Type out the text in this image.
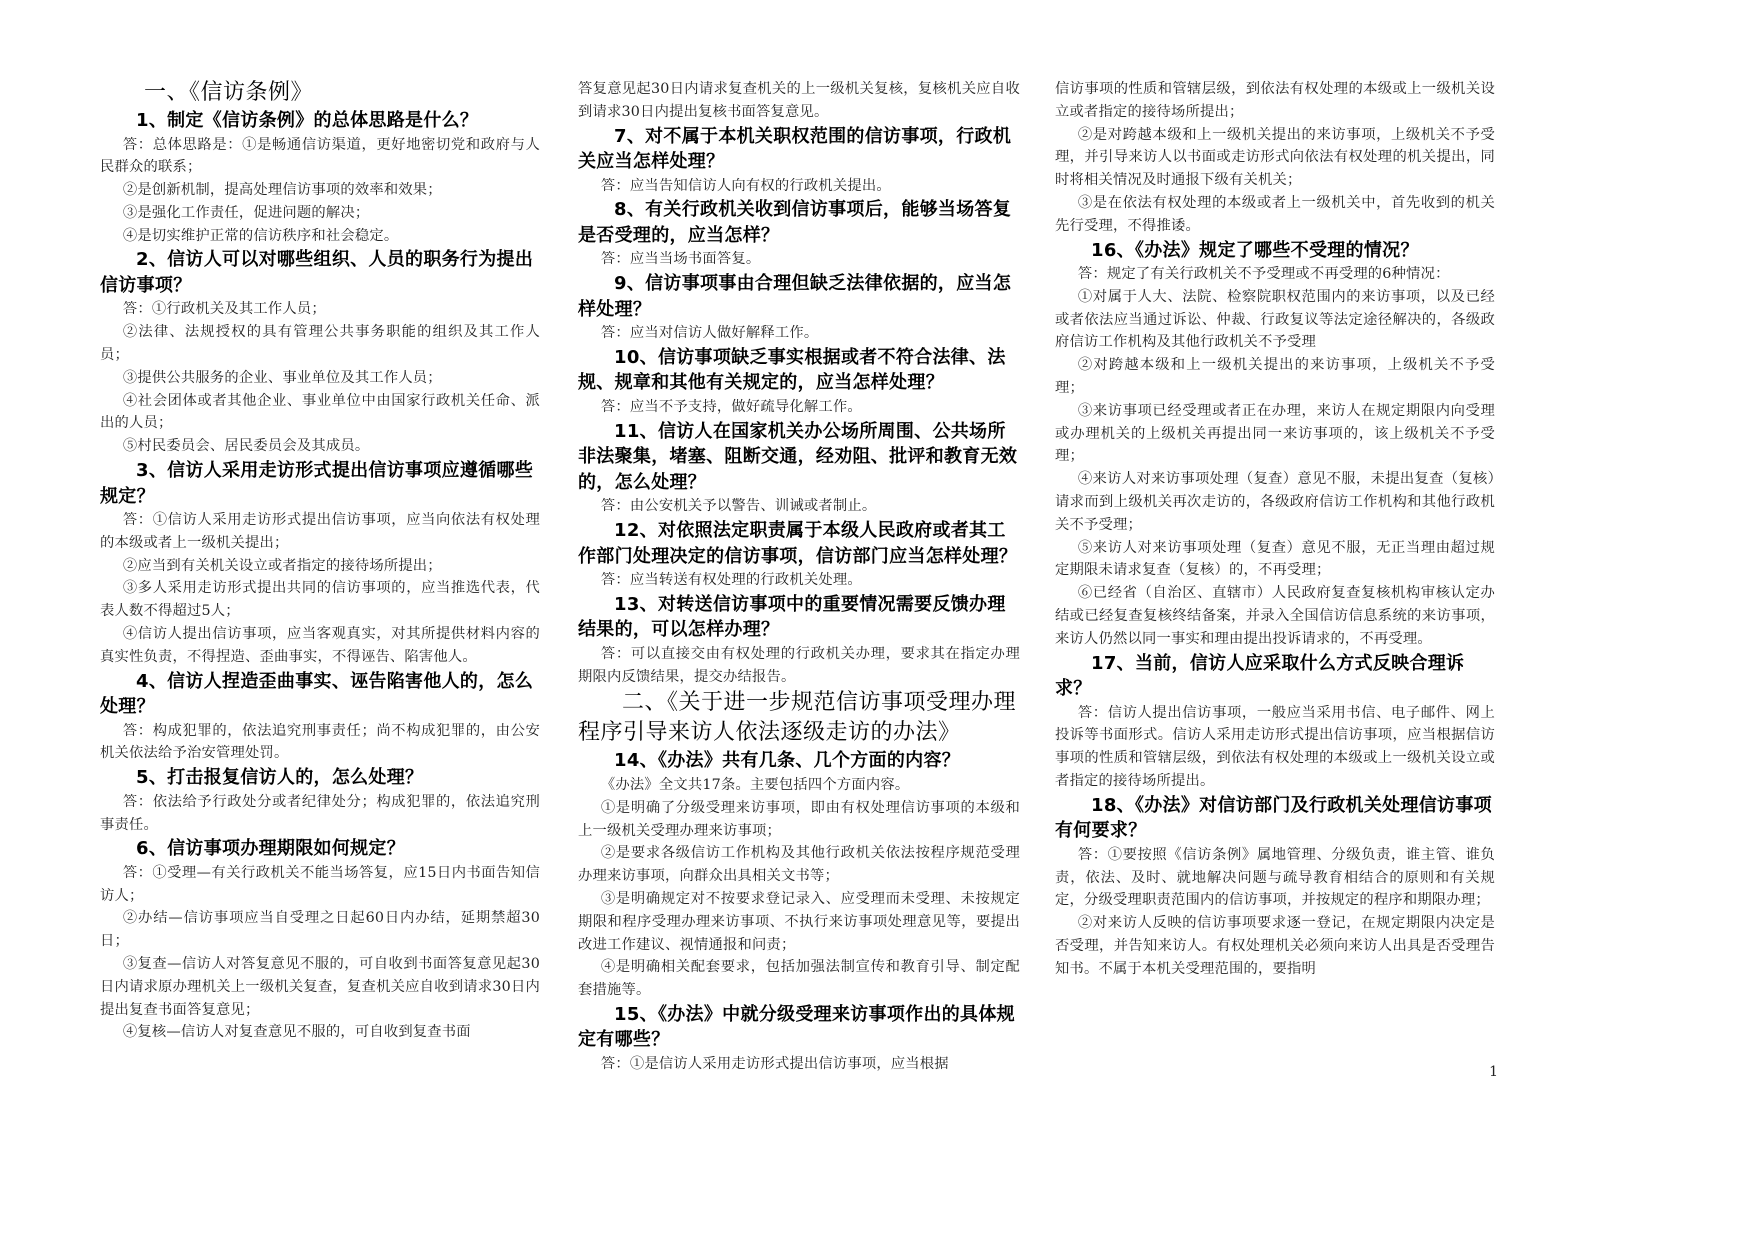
一、《信访条例》

1、制定《信访条例》的总体思路是什么？

答：总体思路是：①是畅通信访渠道，更好地密切党和政府与人民群众的联系；

②是创新机制，提高处理信访事项的效率和效果；

③是强化工作责任，促进问题的解决；

④是切实维护正常的信访秩序和社会稳定。

2、信访人可以对哪些组织、人员的职务行为提出信访事项？

答：①行政机关及其工作人员；

②法律、法规授权的具有管理公共事务职能的组织及其工作人员；

③提供公共服务的企业、事业单位及其工作人员；

④社会团体或者其他企业、事业单位中由国家行政机关任命、派出的人员；

⑤村民委员会、居民委员会及其成员。

3、信访人采用走访形式提出信访事项应遵循哪些规定？

答：①信访人采用走访形式提出信访事项，应当向依法有权处理的本级或者上一级机关提出；

②应当到有关机关设立或者指定的接待场所提出；

③多人采用走访形式提出共同的信访事项的，应当推选代表，代表人数不得超过5人；

④信访人提出信访事项，应当客观真实，对其所提供材料内容的真实性负责，不得捏造、歪曲事实，不得诬告、陷害他人。

4、信访人捏造歪曲事实、诬告陷害他人的，怎么处理？

答：构成犯罪的，依法追究刑事责任；尚不构成犯罪的，由公安机关依法给予治安管理处罚。

5、打击报复信访人的，怎么处理？

答：依法给予行政处分或者纪律处分；构成犯罪的，依法追究刑事责任。

6、信访事项办理期限如何规定？

答：①受理—有关行政机关不能当场答复，应15日内书面告知信访人；

②办结—信访事项应当自受理之日起60日内办结，延期禁超30日；

③复查—信访人对答复意见不服的，可自收到书面答复意见起30日内请求原办理机关上一级机关复查，复查机关应自收到请求30日内提出复查书面答复意见；

④复核—信访人对复查意见不服的，可自收到复查书面

答复意见起30日内请求复查机关的上一级机关复核，复核机关应自收到请求30日内提出复核书面答复意见。

7、对不属于本机关职权范围的信访事项，行政机关应当怎样处理？

答：应当告知信访人向有权的行政机关提出。

8、有关行政机关收到信访事项后，能够当场答复是否受理的，应当怎样？

答：应当当场书面答复。

9、信访事项事由合理但缺乏法律依据的，应当怎样处理？

答：应当对信访人做好解释工作。

10、信访事项缺乏事实根据或者不符合法律、法规、规章和其他有关规定的，应当怎样处理？

答：应当不予支持，做好疏导化解工作。

11、信访人在国家机关办公场所周围、公共场所非法聚集，堵塞、阻断交通，经劝阻、批评和教育无效的，怎么处理？

答：由公安机关予以警告、训诫或者制止。

12、对依照法定职责属于本级人民政府或者其工作部门处理决定的信访事项，信访部门应当怎样处理？

答：应当转送有权处理的行政机关处理。

13、对转送信访事项中的重要情况需要反馈办理结果的，可以怎样办理？

答：可以直接交由有权处理的行政机关办理，要求其在指定办理期限内反馈结果，提交办结报告。

二、《关于进一步规范信访事项受理办理程序引导来访人依法逐级走访的办法》

14、《办法》共有几条、几个方面的内容？

《办法》全文共17条。主要包括四个方面内容。

①是明确了分级受理来访事项，即由有权处理信访事项的本级和上一级机关受理办理来访事项；

②是要求各级信访工作机构及其他行政机关依法按程序规范受理办理来访事项，向群众出具相关文书等；

③是明确规定对不按要求登记录入、应受理而未受理、未按规定期限和程序受理办理来访事项、不执行来访事项处理意见等，要提出改进工作建议、视情通报和问责；

④是明确相关配套要求，包括加强法制宣传和教育引导、制定配套措施等。

15、《办法》中就分级受理来访事项作出的具体规定有哪些？

答：①是信访人采用走访形式提出信访事项，应当根据

信访事项的性质和管辖层级，到依法有权处理的本级或上一级机关设立或者指定的接待场所提出；

②是对跨越本级和上一级机关提出的来访事项，上级机关不予受理，并引导来访人以书面或走访形式向依法有权处理的机关提出，同时将相关情况及时通报下级有关机关；

③是在依法有权处理的本级或者上一级机关中，首先收到的机关先行受理，不得推诿。

16、《办法》规定了哪些不受理的情况？

答：规定了有关行政机关不予受理或不再受理的6种情况：

①对属于人大、法院、检察院职权范围内的来访事项，以及已经或者依法应当通过诉讼、仲裁、行政复议等法定途径解决的，各级政府信访工作机构及其他行政机关不予受理

②对跨越本级和上一级机关提出的来访事项，上级机关不予受理；

③来访事项已经受理或者正在办理，来访人在规定期限内向受理或办理机关的上级机关再提出同一来访事项的，该上级机关不予受理；

④来访人对来访事项处理（复查）意见不服，未提出复查（复核）请求而到上级机关再次走访的，各级政府信访工作机构和其他行政机关不予受理；

⑤来访人对来访事项处理（复查）意见不服，无正当理由超过规定期限未请求复查（复核）的，不再受理；

⑥已经省（自治区、直辖市）人民政府复查复核机构审核认定办结或已经复查复核终结备案，并录入全国信访信息系统的来访事项，来访人仍然以同一事实和理由提出投诉请求的，不再受理。

17、当前，信访人应采取什么方式反映合理诉求？

答：信访人提出信访事项，一般应当采用书信、电子邮件、网上投诉等书面形式。信访人采用走访形式提出信访事项，应当根据信访事项的性质和管辖层级，到依法有权处理的本级或上一级机关设立或者指定的接待场所提出。

18、《办法》对信访部门及行政机关处理信访事项有何要求？

答：①要按照《信访条例》属地管理、分级负责，谁主管、谁负责，依法、及时、就地解决问题与疏导教育相结合的原则和有关规定，分级受理职责范围内的信访事项，并按规定的程序和期限办理；

②对来访人反映的信访事项要求逐一登记，在规定期限内决定是否受理，并告知来访人。有权处理机关必须向来访人出具是否受理告知书。不属于本机关受理范围的，要指明

1
